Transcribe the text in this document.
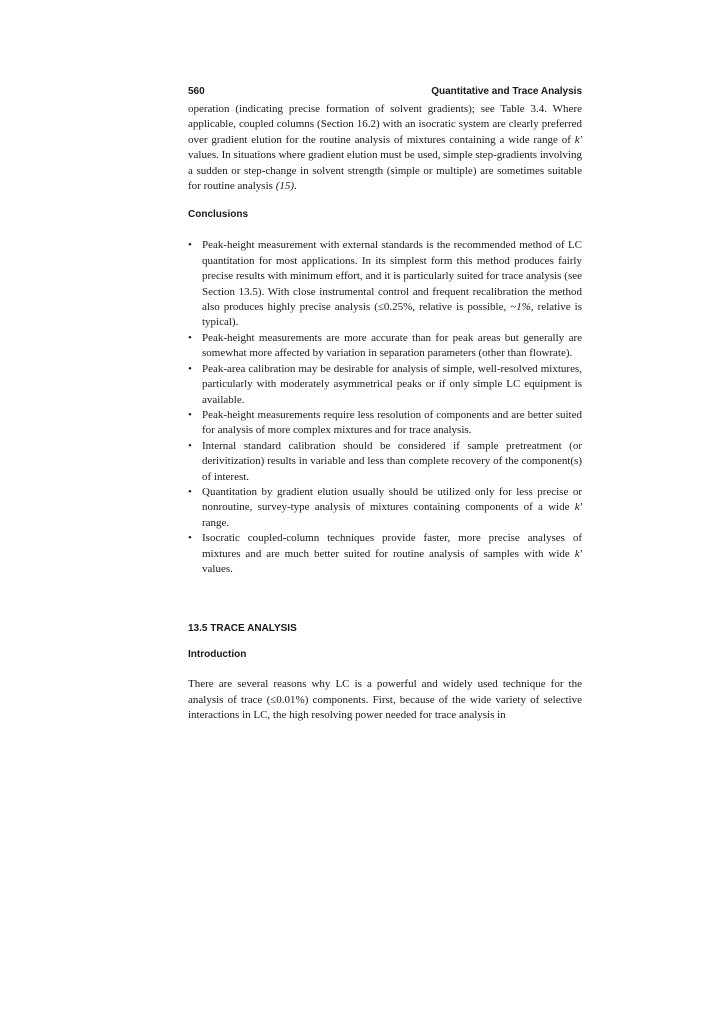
560	Quantitative and Trace Analysis

operation (indicating precise formation of solvent gradients); see Table 3.4. Where applicable, coupled columns (Section 16.2) with an isocratic system are clearly preferred over gradient elution for the routine analysis of mixtures containing a wide range of k′ values. In situations where gradient elution must be used, simple step-gradients involving a sudden or step-change in solvent strength (simple or multiple) are sometimes suitable for routine analysis (15).

Conclusions
• Peak-height measurement with external standards is the recommended method of LC quantitation for most applications. In its simplest form this method produces fairly precise results with minimum effort, and it is particularly suited for trace analysis (see Section 13.5). With close instrumental control and frequent recalibration the method also produces highly precise analysis (≤0.25%, relative is possible, ~1%, relative is typical).
• Peak-height measurements are more accurate than for peak areas but generally are somewhat more affected by variation in separation parameters (other than flowrate).
• Peak-area calibration may be desirable for analysis of simple, well-resolved mixtures, particularly with moderately asymmetrical peaks or if only simple LC equipment is available.
• Peak-height measurements require less resolution of components and are better suited for analysis of more complex mixtures and for trace analysis.
• Internal standard calibration should be considered if sample pretreatment (or derivitization) results in variable and less than complete recovery of the component(s) of interest.
• Quantitation by gradient elution usually should be utilized only for less precise or nonroutine, survey-type analysis of mixtures containing components of a wide k′ range.
• Isocratic coupled-column techniques provide faster, more precise analyses of mixtures and are much better suited for routine analysis of samples with wide k′ values.
13.5 TRACE ANALYSIS
Introduction

There are several reasons why LC is a powerful and widely used technique for the analysis of trace (≤0.01%) components. First, because of the wide variety of selective interactions in LC, the high resolving power needed for trace analysis in
